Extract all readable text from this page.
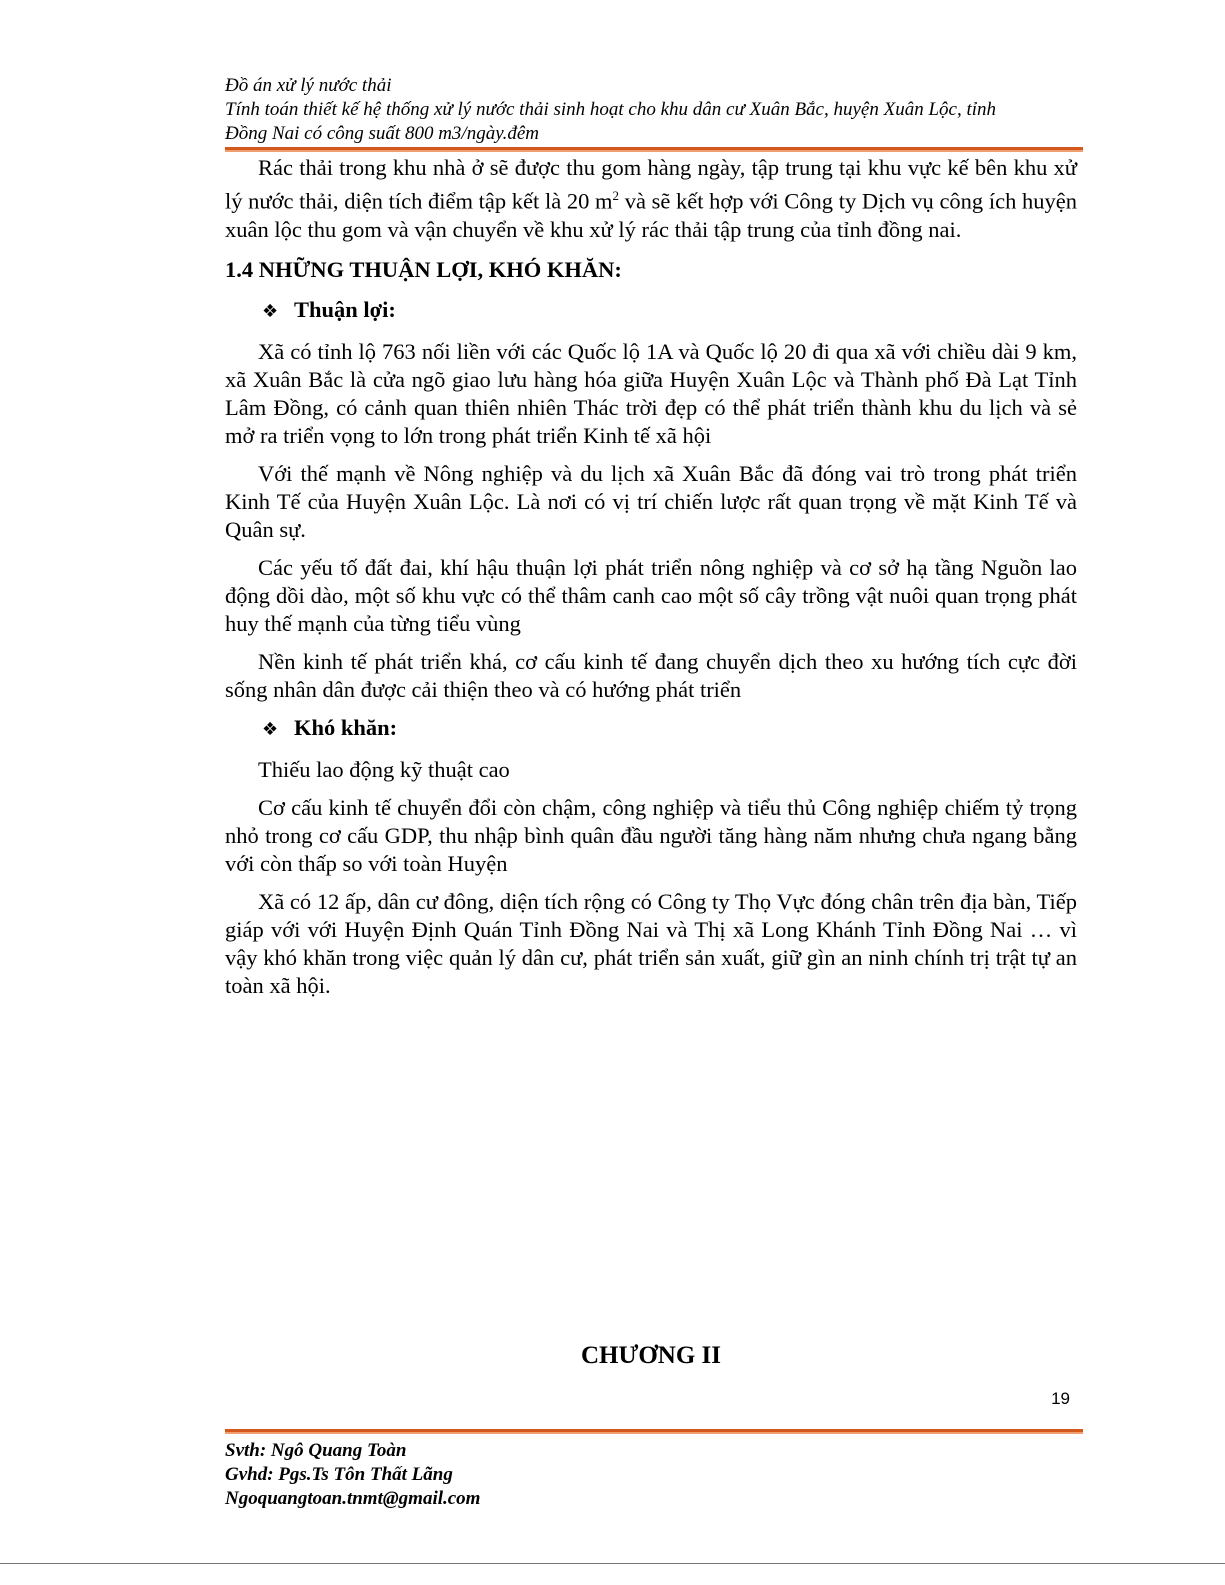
Đồ án xử lý nước thải
Tính toán thiết kế hệ thống xử lý nước thải sinh hoạt cho khu dân cư Xuân Bắc, huyện Xuân Lộc, tỉnh
Đồng Nai có công suất 800 m3/ngày.đêm

Rác thải trong khu nhà ở sẽ được thu gom hàng ngày, tập trung tại khu vực kế bên khu xử lý nước thải, diện tích điểm tập kết là 20 $m^2$ và sẽ kết hợp với Công ty Dịch vụ công ích huyện xuân lộc thu gom và vận chuyển về khu xử lý rác thải tập trung của tỉnh đồng nai.

1.4 NHỮNG THUẬN LỢI, KHÓ KHĂN:
❖ Thuận lợi:

Xã có tỉnh lộ 763 nối liền với các Quốc lộ 1A và Quốc lộ 20 đi qua xã với chiều dài 9 km, xã Xuân Bắc là cửa ngõ giao lưu hàng hóa giữa Huyện Xuân Lộc và Thành phố Đà Lạt Tỉnh Lâm Đồng, có cảnh quan thiên nhiên Thác trời đẹp có thể phát triển thành khu du lịch và sẻ mở ra triển vọng to lớn trong phát triển Kinh tế xã hội

Với thế mạnh về Nông nghiệp và du lịch xã Xuân Bắc đã đóng vai trò trong phát triển Kinh Tế của Huyện Xuân Lộc. Là nơi có vị trí chiến lược rất quan trọng về mặt Kinh Tế và Quân sự.

Các yếu tố đất đai, khí hậu thuận lợi phát triển nông nghiệp và cơ sở hạ tầng Nguồn lao động dồi dào, một số khu vực có thể thâm canh cao một số cây trồng vật nuôi quan trọng phát huy thế mạnh của từng tiểu vùng

Nền kinh tế phát triển khá, cơ cấu kinh tế đang chuyển dịch theo xu hướng tích cực đời sống nhân dân được cải thiện theo và có hướng phát triển

❖ Khó khăn:

Thiếu lao động kỹ thuật cao

Cơ cấu kinh tế chuyển đổi còn chậm, công nghiệp và tiểu thủ Công nghiệp chiếm tỷ trọng nhỏ trong cơ cấu GDP, thu nhập bình quân đầu người tăng hàng năm nhưng chưa ngang bằng với còn thấp so với toàn Huyện

Xã có 12 ấp, dân cư đông, diện tích rộng có Công ty Thọ Vực đóng chân trên địa bàn, Tiếp giáp với với Huyện Định Quán Tỉnh Đồng Nai và Thị xã Long Khánh Tỉnh Đồng Nai … vì vậy khó khăn trong việc quản lý dân cư, phát triển sản xuất, giữ gìn an ninh chính trị trật tự an toàn xã hội.

CHƯƠNG II
19
Svth: Ngô Quang Toàn
Gvhd: Pgs.Ts Tôn Thất Lãng
Ngoquangtoan.tnmt@gmail.com
